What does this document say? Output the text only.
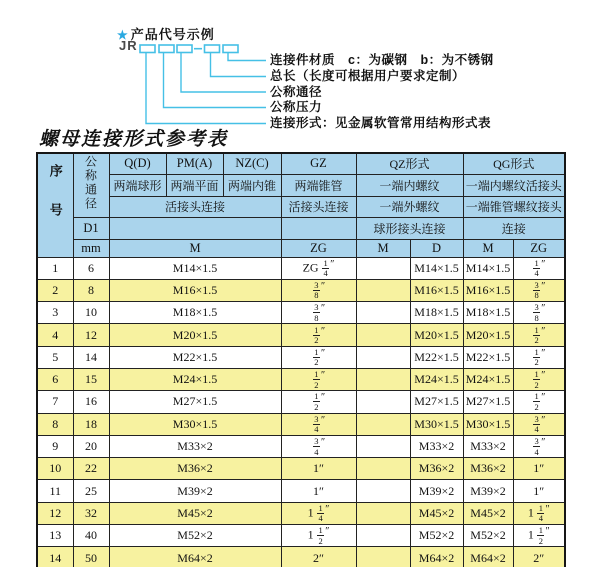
★ 产品代号示例
JR
连接件材质　c：为碳钢　b：为不锈钢
总长（长度可根据用户要求定制）
公称通径
公称压力
连接形式：见金属软管常用结构形式表
螺母连接形式参考表
序号	公称通径	Q(D)	PM(A)	NZ(C)	GZ	QZ形式		QG形式	
		两端球形	两端平面	两端内锥	两端锥管	一端内螺纹		一端内螺纹活接头	
		活接头连接			活接头连接	一端外螺纹		一端锥管螺纹接头	
	D1					球形接头连接		连接	
	mm	M			ZG	M	D	M	ZG
1	6	M14×1.5			ZG  $\frac{1}{4} ''$		M14×1.5	M14×1.5	$\frac{1}{4} ''$
2	8	M16×1.5			$\frac{3}{8} ''$		M16×1.5	M16×1.5	$\frac{3}{8} ''$
3	10	M18×1.5			$\frac{3}{8} ''$		M18×1.5	M18×1.5	$\frac{3}{8} ''$
4	12	M20×1.5			$\frac{1}{2} ''$		M20×1.5	M20×1.5	$\frac{1}{2} ''$
5	14	M22×1.5			$\frac{1}{2} ''$		M22×1.5	M22×1.5	$\frac{1}{2} ''$
6	15	M24×1.5			$\frac{1}{2} ''$		M24×1.5	M24×1.5	$\frac{1}{2} ''$
7	16	M27×1.5			$\frac{1}{2} ''$		M27×1.5	M27×1.5	$\frac{1}{2} ''$
8	18	M30×1.5			$\frac{3}{4} ''$		M30×1.5	M30×1.5	$\frac{3}{4} ''$
9	20	M33×2			$\frac{3}{4} ''$		M33×2	M33×2	$\frac{3}{4} ''$
10	22	M36×2			1″		M36×2	M36×2	1″
11	25	M39×2			1″		M39×2	M39×2	1″
12	32	M45×2			$1 \frac{1}{4} ''$		M45×2	M45×2	$1 \frac{1}{4} ''$
13	40	M52×2			$1 \frac{1}{2} ''$		M52×2	M52×2	$1 \frac{1}{2} ''$
14	50	M64×2			2″		M64×2	M64×2	2″
